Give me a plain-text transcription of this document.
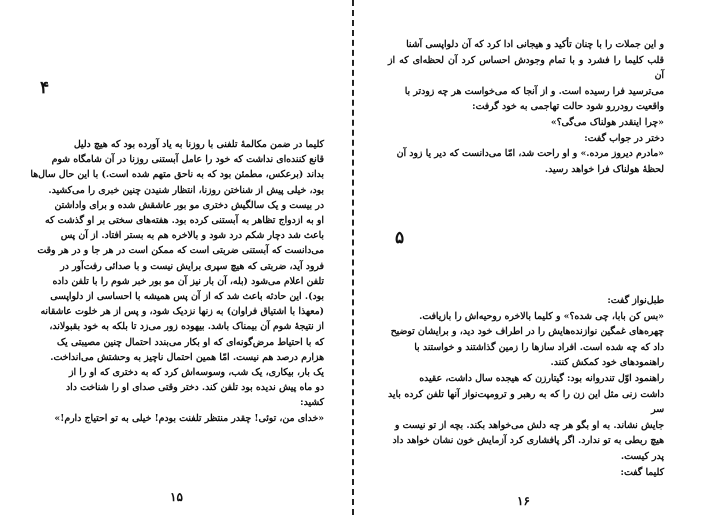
۴

کلیما در ضمن مکالمهٔ تلفنی با روزنا به یاد آورده بود که هیچ دلیل

قانع کننده‌ای نداشت که خود را عامل آبستنی روزنا در آن شامگاه شوم

بداند (برعکس، مطمئن بود که به ناحق متهم شده است.) با این حال سال‌ها

بود، خیلی پیش از شناختن روزنا، انتظار شنیدن چنین خبری را می‌کشید.

در بیست و یک سالگیش دختری مو بور عاشقش شده و برای واداشتن

او به ازدواج تظاهر به آبستنی کرده بود. هفته‌های سختی بر او گذشت که

باعث شد دچار شکم درد شود و بالاخره هم به بستر افتاد. از آن پس

می‌دانست که آبستنی ضربتی است که ممکن است در هر جا و در هر وقت

فرود آید، ضربتی که هیچ سپری برایش نیست و با صدائی رفت‌آور در

تلفن اعلام می‌شود (بله، آن بار نیز آن مو بور خبر شوم را با تلفن داده

بود). این حادثه باعث شد که از آن پس همیشه با احساسی از دلواپسی

(معهذا با اشتیاق فراوان) به زنها نزدیک شود، و پس از هر خلوت عاشقانه

از نتیجهٔ شوم آن بیمناک باشد. بیهوده زور می‌زد تا بلکه به خود بقبولاند،

که با احتیاط مرض‌گونه‌ای که او بکار می‌بندد احتمال چنین مصیبتی یک

هزارم درصد هم نیست. امّا همین احتمال ناچیز به وحشتش می‌انداخت.

یک بار، بیکاری، یک شب، وسوسه‌اش کرد که به دختری که او را از

دو ماه پیش ندیده بود تلفن کند. دختر وقتی صدای او را شناخت داد

کشید:

«خدای من، توئی! چقدر منتظر تلفنت بودم! خیلی به تو احتیاج دارم!»

۱۵

و این جملات را با چنان تأکید و هیجانی ادا کرد که آن دلواپسی آشنا

قلب کلیما را فشرد و با تمام وجودش احساس کرد آن لحظه‌ای که از آن

می‌ترسید فرا رسیده است. و از آنجا که می‌خواست هر چه زودتر با

واقعیت رودررو شود حالت تهاجمی به خود گرفت:

«چرا اینقدر هولناک می‌گی؟»

دختر در جواب گفت:

«مادرم دیروز مرده.» و او راحت شد، امّا می‌دانست که دیر یا زود آن

لحظهٔ هولناک فرا خواهد رسید.

۵

طبل‌نواز گفت:

«بس کن بابا، چی شده؟» و کلیما بالاخره روحیه‌اش را بازیافت.

چهره‌های غمگین نوازنده‌هایش را در اطراف خود دید، و برایشان توضیح

داد که چه شده است. افراد سازها را زمین گذاشتند و خواستند با

راهنمودهای خود کمکش کنند.

راهنمود اوّل تندروانه بود: گیتارزن که هیجده سال داشت، عقیده

داشت زنی مثل این زن را که به رهبر و ترومپت‌نواز آنها تلفن کرده باید سر

جایش نشاند. به او بگو هر چه دلش می‌خواهد بکند. بچه از تو نیست و

هیچ ربطی به تو ندارد. اگر پافشاری کرد آزمایش خون نشان خواهد داد

پدر کیست.

کلیما گفت:

۱۶
